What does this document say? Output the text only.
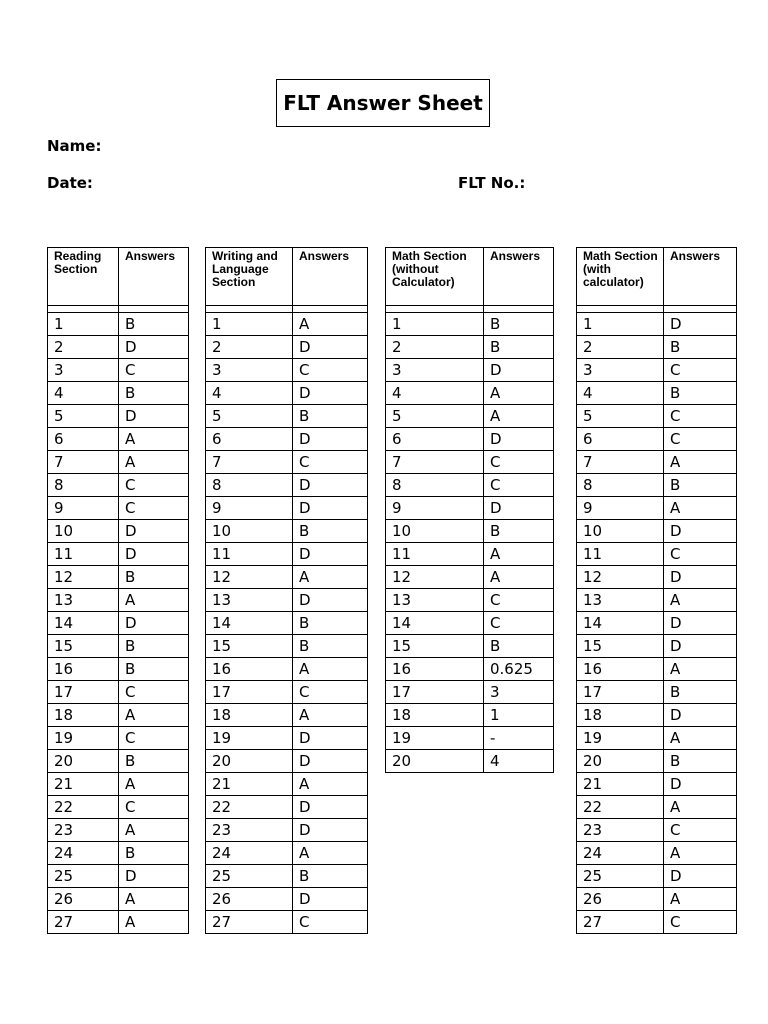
FLT Answer Sheet
Name:
Date:	FLT No.:
Reading Section	Answers

1	B
2	D
3	C
4	B
5	D
6	A
7	A
8	C
9	C
10	D
11	D
12	B
13	A
14	D
15	B
16	B
17	C
18	A
19	C
20	B
21	A
22	C
23	A
24	B
25	D
26	A
27	A
Writing and Language Section	Answers

1	A
2	D
3	C
4	D
5	B
6	D
7	C
8	D
9	D
10	B
11	D
12	A
13	D
14	B
15	B
16	A
17	C
18	A
19	D
20	D
21	A
22	D
23	D
24	A
25	B
26	D
27	C
Math Section (without Calculator)	Answers

1	B
2	B
3	D
4	A
5	A
6	D
7	C
8	C
9	D
10	B
11	A
12	A
13	C
14	C
15	B
16	0.625
17	3
18	1
19	-
20	4
Math Section (with calculator)	Answers

1	D
2	B
3	C
4	B
5	C
6	C
7	A
8	B
9	A
10	D
11	C
12	D
13	A
14	D
15	D
16	A
17	B
18	D
19	A
20	B
21	D
22	A
23	C
24	A
25	D
26	A
27	C
